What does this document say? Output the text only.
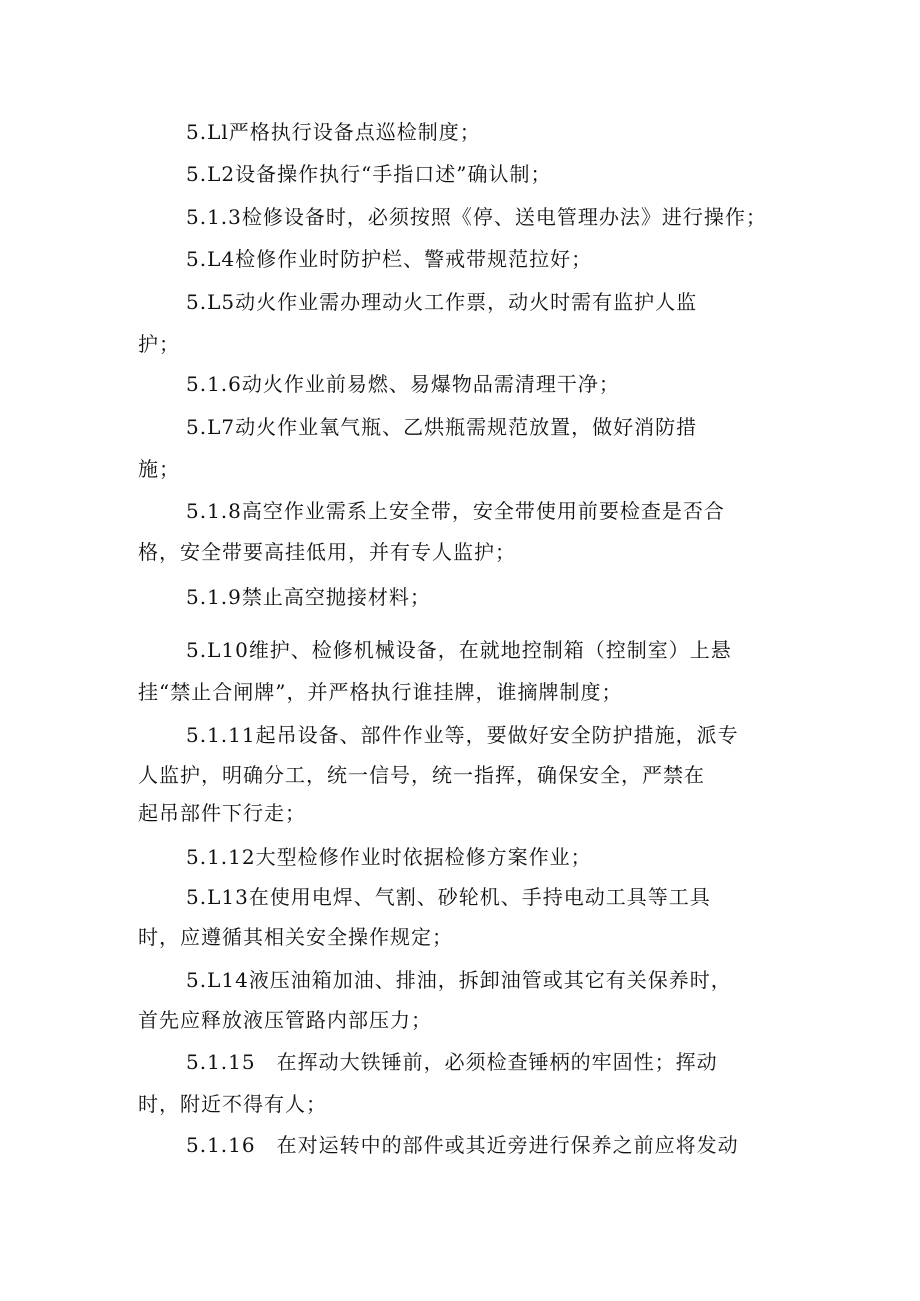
5.Ll严格执行设备点巡检制度；
5.L2设备操作执行“手指口述”确认制；
5.1.3检修设备时，必须按照《停、送电管理办法》进行操作；
5.L4检修作业时防护栏、警戒带规范拉好；
5.L5动火作业需办理动火工作票，动火时需有监护人监
护；
5.1.6动火作业前易燃、易爆物品需清理干净；
5.L7动火作业氧气瓶、乙烘瓶需规范放置，做好消防措
施；
5.1.8高空作业需系上安全带，安全带使用前要检查是否合
格，安全带要高挂低用，并有专人监护；
5.1.9禁止高空抛接材料；
5.L10维护、检修机械设备，在就地控制箱（控制室）上悬
挂“禁止合闸牌”，并严格执行谁挂牌，谁摘牌制度；
5.1.11起吊设备、部件作业等，要做好安全防护措施，派专
人监护，明确分工，统一信号，统一指挥，确保安全，严禁在
起吊部件下行走；
5.1.12大型检修作业时依据检修方案作业；
5.L13在使用电焊、气割、砂轮机、手持电动工具等工具
时，应遵循其相关安全操作规定；
5.L14液压油箱加油、排油，拆卸油管或其它有关保养时，
首先应释放液压管路内部压力；
5.1.15　在挥动大铁锤前，必须检查锤柄的牢固性；挥动
时，附近不得有人；
5.1.16　在对运转中的部件或其近旁进行保养之前应将发动
